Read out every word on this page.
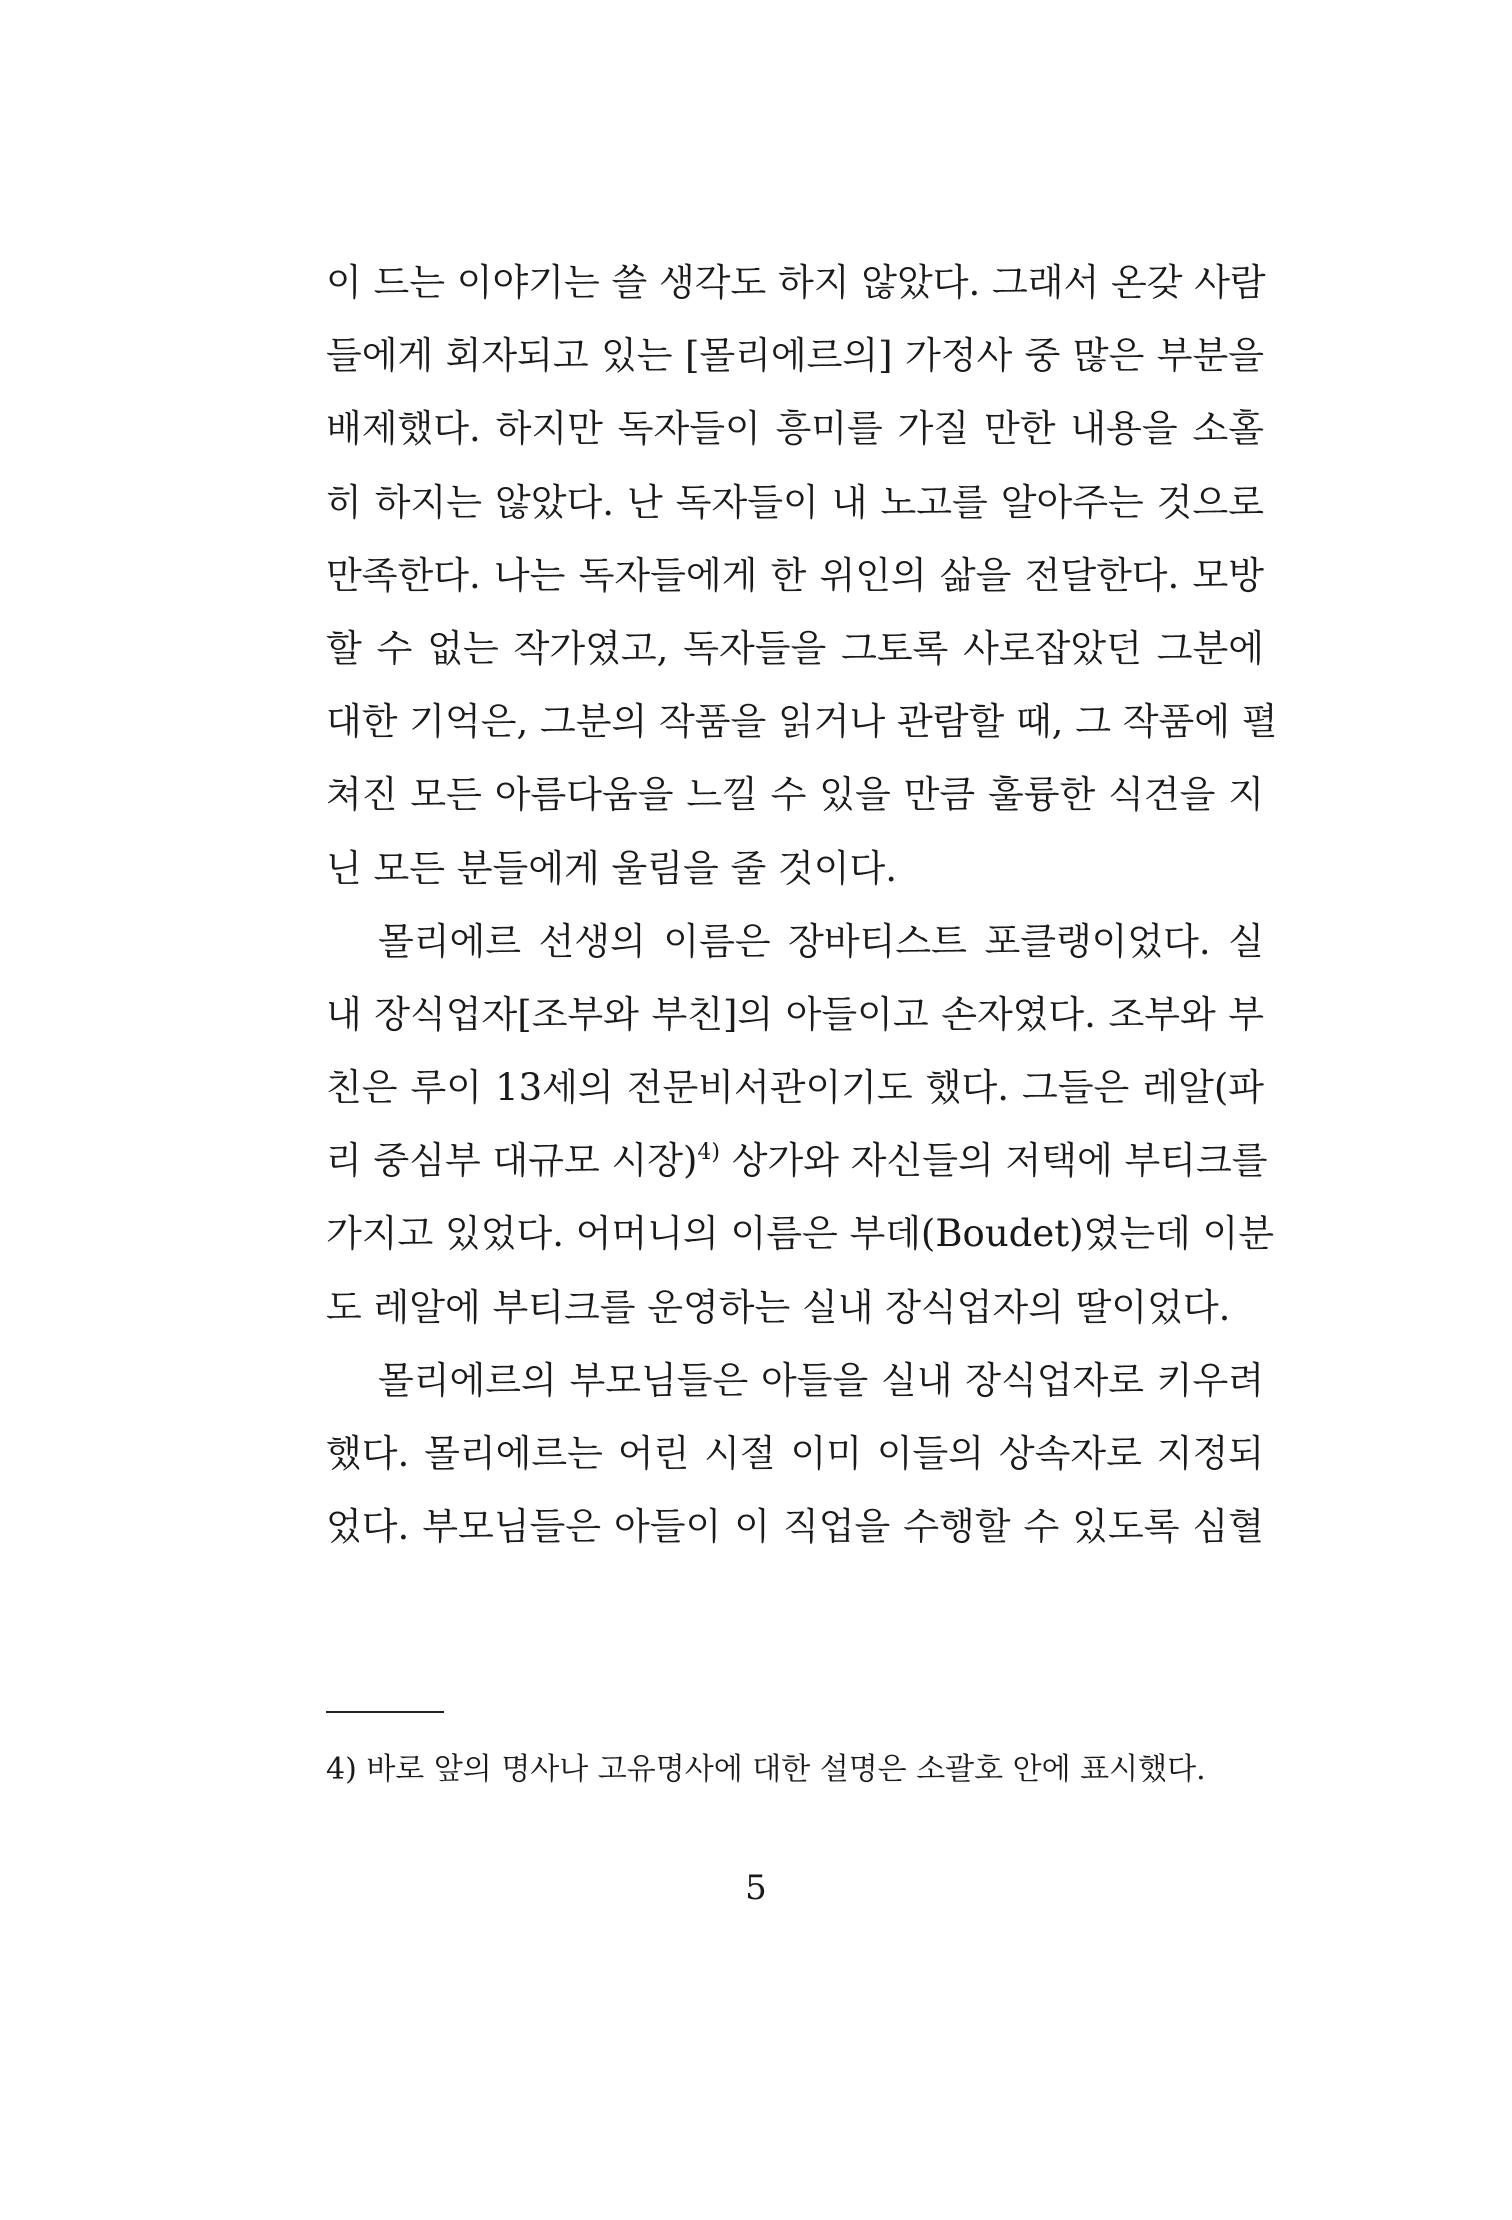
이 드는 이야기는 쓸 생각도 하지 않았다. 그래서 온갖 사람
들에게 회자되고 있는 [몰리에르의] 가정사 중 많은 부분을
배제했다. 하지만 독자들이 흥미를 가질 만한 내용을 소홀
히 하지는 않았다. 난 독자들이 내 노고를 알아주는 것으로
만족한다. 나는 독자들에게 한 위인의 삶을 전달한다. 모방
할 수 없는 작가였고, 독자들을 그토록 사로잡았던 그분에
대한 기억은, 그분의 작품을 읽거나 관람할 때, 그 작품에 펼
쳐진 모든 아름다움을 느낄 수 있을 만큼 훌륭한 식견을 지
닌 모든 분들에게 울림을 줄 것이다.
몰리에르 선생의 이름은 장바티스트 포클랭이었다. 실
내 장식업자[조부와 부친]의 아들이고 손자였다. 조부와 부
친은 루이 13세의 전문비서관이기도 했다. 그들은 레알(파
리 중심부 대규모 시장)$^{4)}$ 상가와 자신들의 저택에 부티크를
가지고 있었다. 어머니의 이름은 부데(Boudet)였는데 이분
도 레알에 부티크를 운영하는 실내 장식업자의 딸이었다.
몰리에르의 부모님들은 아들을 실내 장식업자로 키우려
했다. 몰리에르는 어린 시절 이미 이들의 상속자로 지정되
었다. 부모님들은 아들이 이 직업을 수행할 수 있도록 심혈
4) 바로 앞의 명사나 고유명사에 대한 설명은 소괄호 안에 표시했다.
5
